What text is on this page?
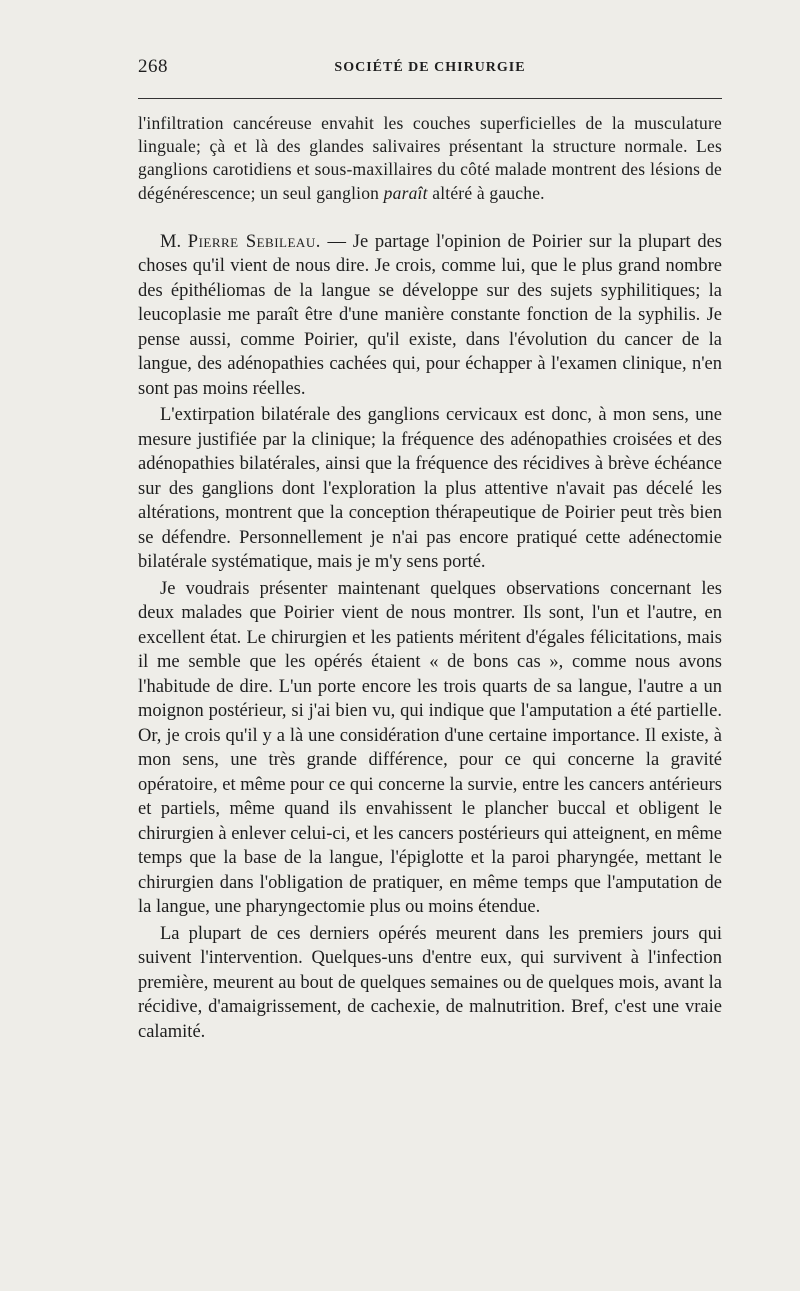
268	SOCIÉTÉ DE CHIRURGIE

l'infiltration cancéreuse envahit les couches superficielles de la musculature linguale; çà et là des glandes salivaires présentant la structure normale. Les ganglions carotidiens et sous-maxillaires du côté malade montrent des lésions de dégénérescence; un seul ganglion paraît altéré à gauche.

M. Pierre Sebileau. — Je partage l'opinion de Poirier sur la plupart des choses qu'il vient de nous dire. Je crois, comme lui, que le plus grand nombre des épithéliomas de la langue se développe sur des sujets syphilitiques; la leucoplasie me paraît être d'une manière constante fonction de la syphilis. Je pense aussi, comme Poirier, qu'il existe, dans l'évolution du cancer de la langue, des adénopathies cachées qui, pour échapper à l'examen clinique, n'en sont pas moins réelles.

L'extirpation bilatérale des ganglions cervicaux est donc, à mon sens, une mesure justifiée par la clinique; la fréquence des adénopathies croisées et des adénopathies bilatérales, ainsi que la fréquence des récidives à brève échéance sur des ganglions dont l'exploration la plus attentive n'avait pas décelé les altérations, montrent que la conception thérapeutique de Poirier peut très bien se défendre. Personnellement je n'ai pas encore pratiqué cette adénectomie bilatérale systématique, mais je m'y sens porté.

Je voudrais présenter maintenant quelques observations concernant les deux malades que Poirier vient de nous montrer. Ils sont, l'un et l'autre, en excellent état. Le chirurgien et les patients méritent d'égales félicitations, mais il me semble que les opérés étaient « de bons cas », comme nous avons l'habitude de dire. L'un porte encore les trois quarts de sa langue, l'autre a un moignon postérieur, si j'ai bien vu, qui indique que l'amputation a été partielle. Or, je crois qu'il y a là une considération d'une certaine importance. Il existe, à mon sens, une très grande différence, pour ce qui concerne la gravité opératoire, et même pour ce qui concerne la survie, entre les cancers antérieurs et partiels, même quand ils envahissent le plancher buccal et obligent le chirurgien à enlever celui-ci, et les cancers postérieurs qui atteignent, en même temps que la base de la langue, l'épiglotte et la paroi pharyngée, mettant le chirurgien dans l'obligation de pratiquer, en même temps que l'amputation de la langue, une pharyngectomie plus ou moins étendue.

La plupart de ces derniers opérés meurent dans les premiers jours qui suivent l'intervention. Quelques-uns d'entre eux, qui survivent à l'infection première, meurent au bout de quelques semaines ou de quelques mois, avant la récidive, d'amaigrissement, de cachexie, de malnutrition. Bref, c'est une vraie calamité.
